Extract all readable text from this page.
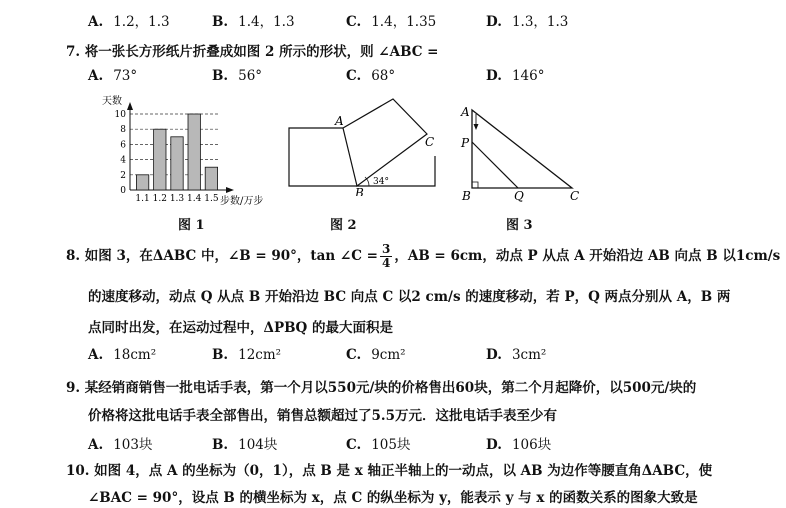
A. 1.2，1.3	B. 1.4，1.3	C. 1.4，1.35	D. 1.3，1.3
7. 将一张长方形纸片折叠成如图 2 所示的形状，则 ∠ABC =
A. 73°	B. 56°	C. 68°	D. 146°
天数
0
2
4
6
8
10
1.1 1.2 1.3 1.4 1.5 步数/万步
图 1
A
B
C
34°
图 2
A
P
B	Q	C
图 3
8. 如图 3，在ΔABC 中，∠B = 90°，tan ∠C = $\frac{3}{4}$ ，AB = 6cm，动点 P 从点 A 开始沿边 AB 向点 B 以1cm/s
的速度移动，动点 Q 从点 B 开始沿边 BC 向点 C 以2 cm/s 的速度移动，若 P，Q 两点分别从 A，B 两
点同时出发，在运动过程中，ΔPBQ 的最大面积是
A. 18cm²	B. 12cm²	C. 9cm²	D. 3cm²
9. 某经销商销售一批电话手表，第一个月以550元/块的价格售出60块，第二个月起降价，以500元/块的
价格将这批电话手表全部售出，销售总额超过了5.5万元．这批电话手表至少有
A. 103块	B. 104块	C. 105块	D. 106块
10. 如图 4，点 A 的坐标为（0，1），点 B 是 x 轴正半轴上的一动点，以 AB 为边作等腰直角ΔABC，使
∠BAC = 90°，设点 B 的横坐标为 x，点 C 的纵坐标为 y，能表示 y 与 x 的函数关系的图象大致是
